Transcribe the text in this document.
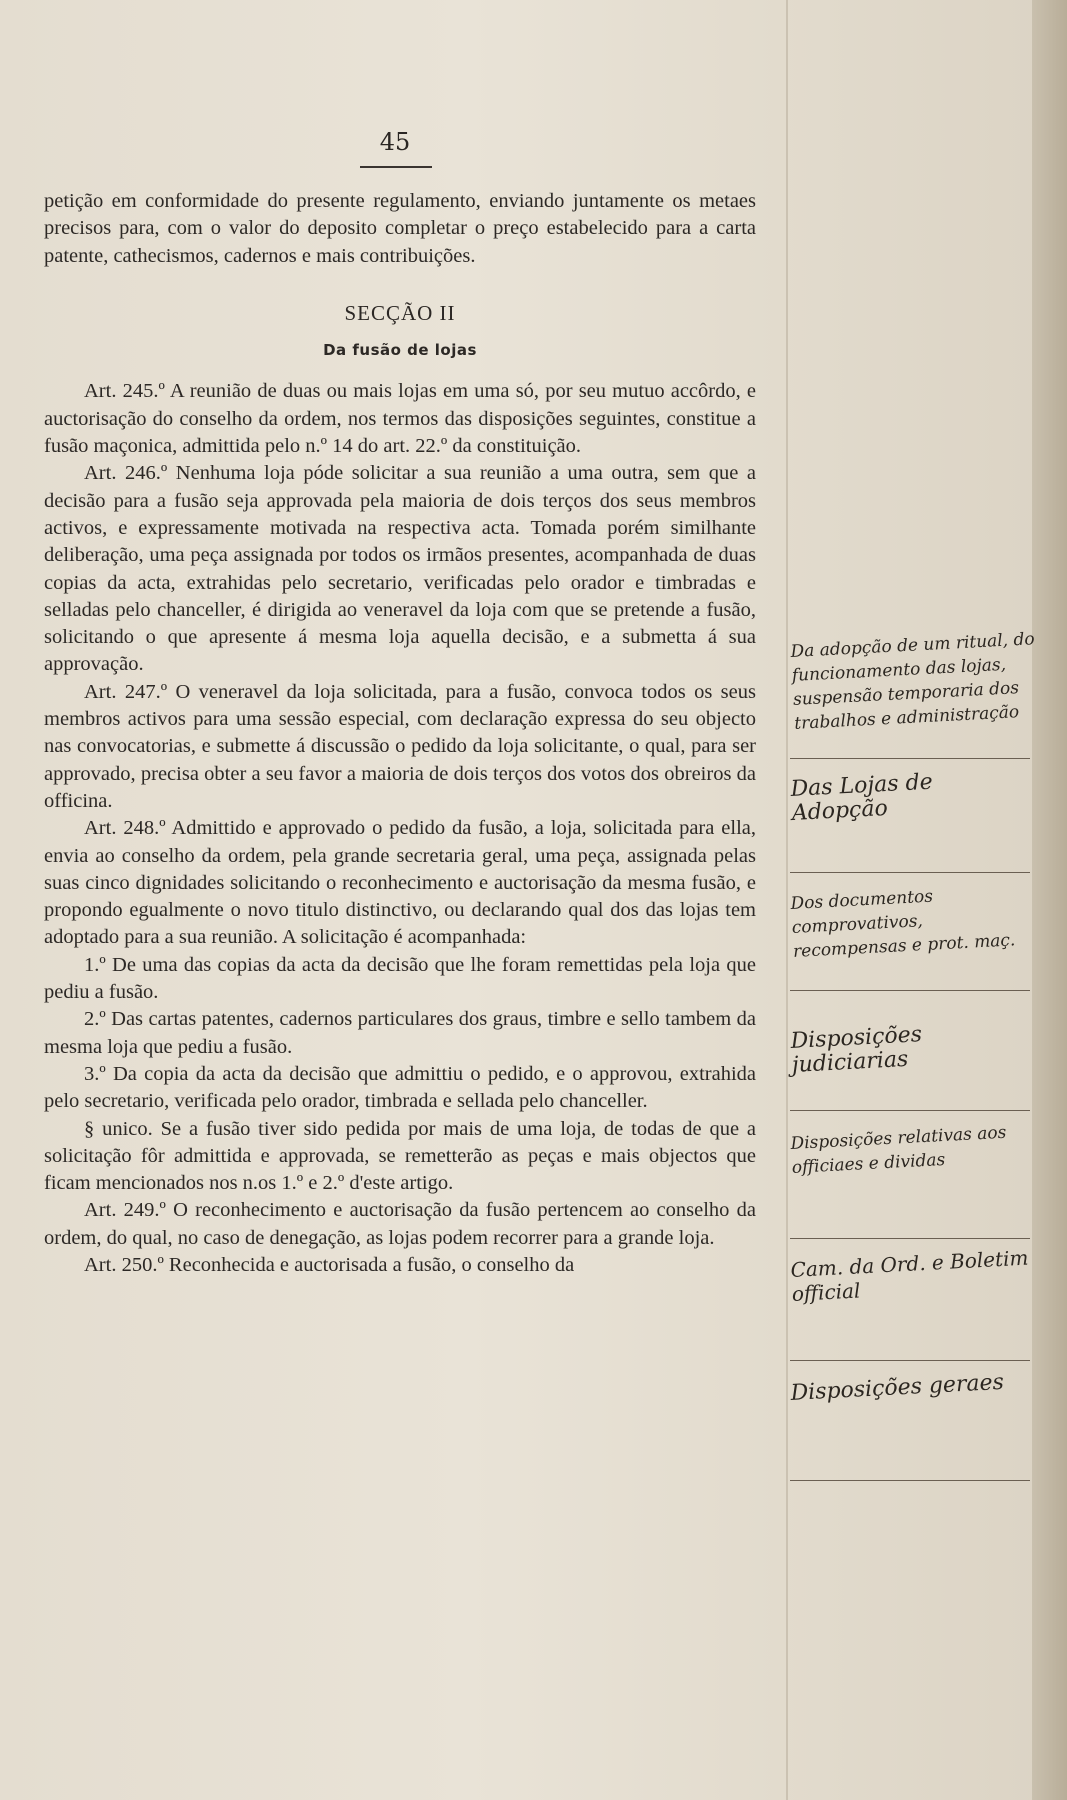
45

petição em conformidade do presente regulamento, enviando juntamente os metaes precisos para, com o valor do deposito completar o preço estabelecido para a carta patente, cathecismos, cadernos e mais contribuições.

SECÇÃO II
Da fusão de lojas

Art. 245.º A reunião de duas ou mais lojas em uma só, por seu mutuo accôrdo, e auctorisação do conselho da ordem, nos termos das disposições seguintes, constitue a fusão maçonica, admittida pelo n.º 14 do art. 22.º da constituição.

Art. 246.º Nenhuma loja póde solicitar a sua reunião a uma outra, sem que a decisão para a fusão seja approvada pela maioria de dois terços dos seus membros activos, e expressamente motivada na respectiva acta. Tomada porém similhante deliberação, uma peça assignada por todos os irmãos presentes, acompanhada de duas copias da acta, extrahidas pelo secretario, verificadas pelo orador e timbradas e selladas pelo chanceller, é dirigida ao veneravel da loja com que se pretende a fusão, solicitando o que apresente á mesma loja aquella decisão, e a submetta á sua approvação.

Art. 247.º O veneravel da loja solicitada, para a fusão, convoca todos os seus membros activos para uma sessão especial, com declaração expressa do seu objecto nas convocatorias, e submette á discussão o pedido da loja solicitante, o qual, para ser approvado, precisa obter a seu favor a maioria de dois terços dos votos dos obreiros da officina.

Art. 248.º Admittido e approvado o pedido da fusão, a loja, solicitada para ella, envia ao conselho da ordem, pela grande secretaria geral, uma peça, assignada pelas suas cinco dignidades solicitando o reconhecimento e auctorisação da mesma fusão, e propondo egualmente o novo titulo distinctivo, ou declarando qual dos das lojas tem adoptado para a sua reunião. A solicitação é acompanhada:

1.º De uma das copias da acta da decisão que lhe foram remettidas pela loja que pediu a fusão.

2.º Das cartas patentes, cadernos particulares dos graus, timbre e sello tambem da mesma loja que pediu a fusão.

3.º Da copia da acta da decisão que admittiu o pedido, e o approvou, extrahida pelo secretario, verificada pelo orador, timbrada e sellada pelo chanceller.

§ unico. Se a fusão tiver sido pedida por mais de uma loja, de todas de que a solicitação fôr admittida e approvada, se remetterão as peças e mais objectos que ficam mencionados nos n.os 1.º e 2.º d'este artigo.

Art. 249.º O reconhecimento e auctorisação da fusão pertencem ao conselho da ordem, do qual, no caso de denegação, as lojas podem recorrer para a grande loja.

Art. 250.º Reconhecida e auctorisada a fusão, o conselho da

Da adopção de um ritual, do funcionamento das lojas, suspensão temporaria dos trabalhos e administração
Das Lojas de Adopção
Dos documentos comprovativos, recompensas e prot. maç.
Disposições judiciarias
Disposições relativas aos officiaes e dividas
Cam. da Ord. e Boletim official
Disposições geraes
